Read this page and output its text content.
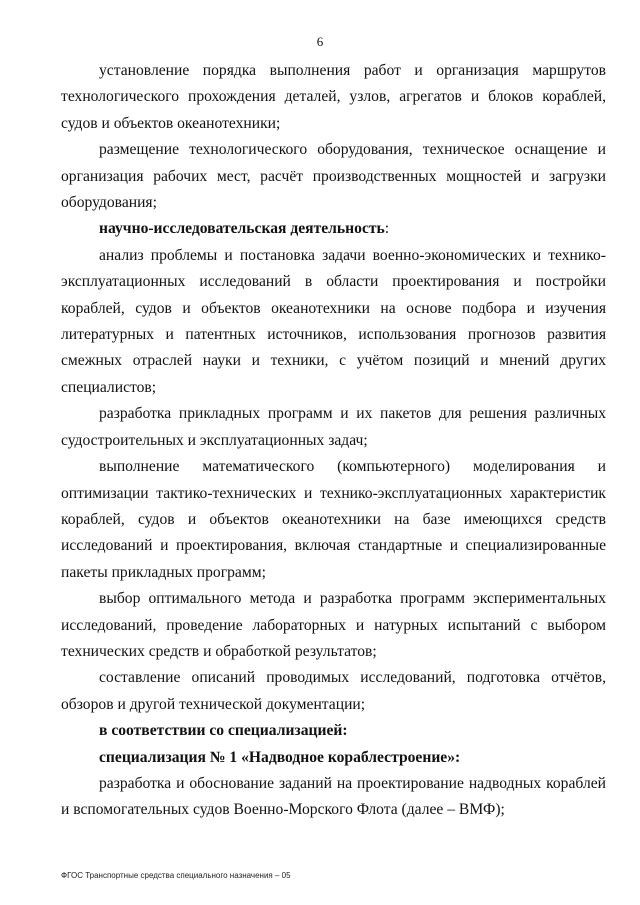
6

установление порядка выполнения работ и организация маршрутов технологического прохождения деталей, узлов, агрегатов и блоков кораблей, судов и объектов океанотехники;

размещение технологического оборудования, техническое оснащение и организация рабочих мест, расчёт производственных мощностей и загрузки оборудования;

научно-исследовательская деятельность:

анализ проблемы и постановка задачи военно-экономических и технико-эксплуатационных исследований в области проектирования и постройки кораблей, судов и объектов океанотехники на основе подбора и изучения литературных и патентных источников, использования прогнозов развития смежных отраслей науки и техники, с учётом позиций и мнений других специалистов;

разработка прикладных программ и их пакетов для решения различных судостроительных и эксплуатационных задач;

выполнение математического (компьютерного) моделирования и оптимизации тактико-технических и технико-эксплуатационных характеристик кораблей, судов и объектов океанотехники на базе имеющихся средств исследований и проектирования, включая стандартные и специализированные пакеты прикладных программ;

выбор оптимального метода и разработка программ экспериментальных исследований, проведение лабораторных и натурных испытаний с выбором технических средств и обработкой результатов;

составление описаний проводимых исследований, подготовка отчётов, обзоров и другой технической документации;

в соответствии со специализацией:

специализация № 1 «Надводное кораблестроение»:

разработка и обоснование заданий на проектирование надводных кораблей и вспомогательных судов Военно-Морского Флота (далее – ВМФ);

ФГОС Транспортные средства специального назначения – 05
